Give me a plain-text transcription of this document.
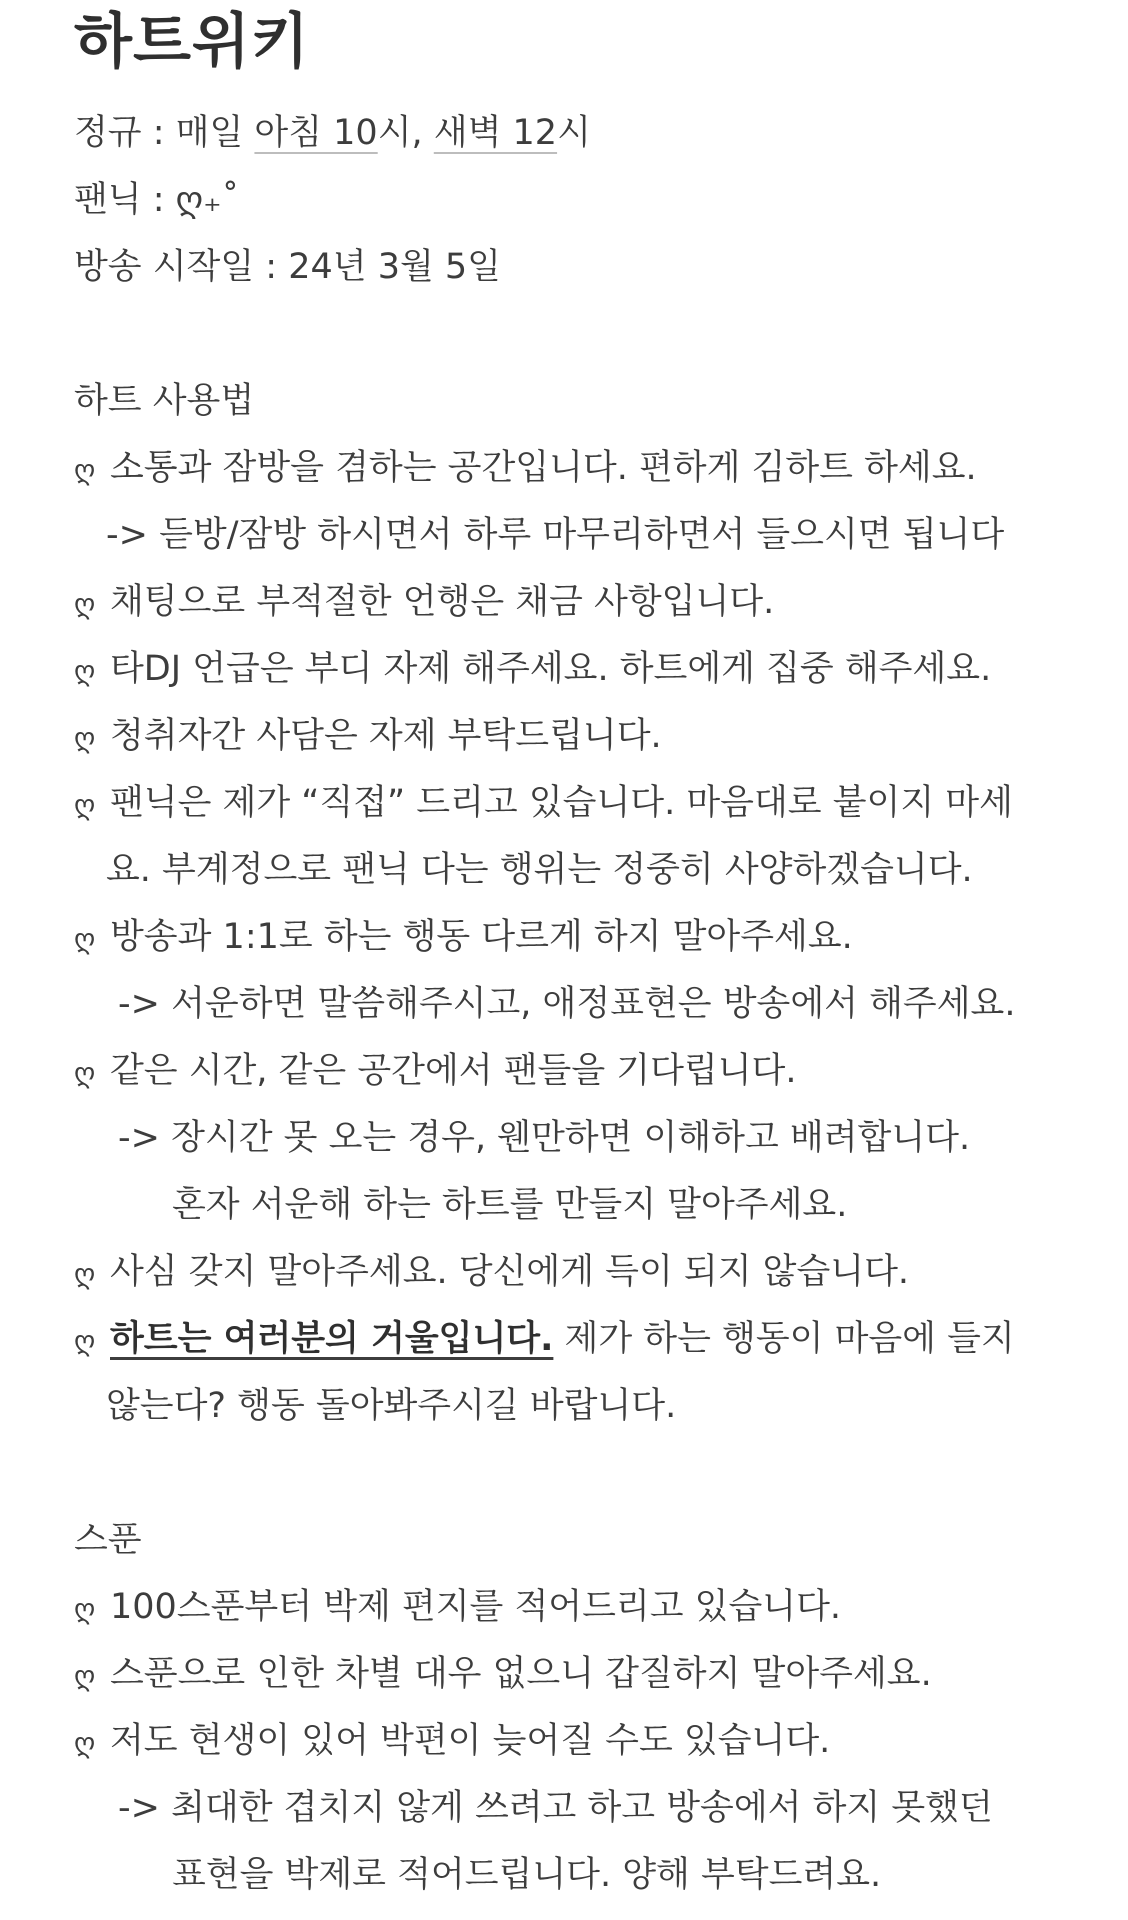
하트위키
정규 : 매일 아침 10시, 새벽 12시
팬닉 : ღ₊˚
방송 시작일 : 24년 3월 5일
하트 사용법
ღ 소통과 잠방을 겸하는 공간입니다. 편하게 김하트 하세요.
-> 듣방/잠방 하시면서 하루 마무리하면서 들으시면 됩니다
ღ 채팅으로 부적절한 언행은 채금 사항입니다.
ღ 타DJ 언급은 부디 자제 해주세요. 하트에게 집중 해주세요.
ღ 청취자간 사담은 자제 부탁드립니다.
ღ 팬닉은 제가 “직접” 드리고 있습니다. 마음대로 붙이지 마세
요. 부계정으로 팬닉 다는 행위는 정중히 사양하겠습니다.
ღ 방송과 1:1로 하는 행동 다르게 하지 말아주세요.
-> 서운하면 말씀해주시고, 애정표현은 방송에서 해주세요.
ღ 같은 시간, 같은 공간에서 팬들을 기다립니다.
-> 장시간 못 오는 경우, 웬만하면 이해하고 배려합니다.
혼자 서운해 하는 하트를 만들지 말아주세요.
ღ 사심 갖지 말아주세요. 당신에게 득이 되지 않습니다.
ღ 하트는 여러분의 거울입니다. 제가 하는 행동이 마음에 들지
않는다? 행동 돌아봐주시길 바랍니다.
스푼
ღ 100스푼부터 박제 편지를 적어드리고 있습니다.
ღ 스푼으로 인한 차별 대우 없으니 갑질하지 말아주세요.
ღ 저도 현생이 있어 박편이 늦어질 수도 있습니다.
-> 최대한 겹치지 않게 쓰려고 하고 방송에서 하지 못했던
표현을 박제로 적어드립니다. 양해 부탁드려요.
